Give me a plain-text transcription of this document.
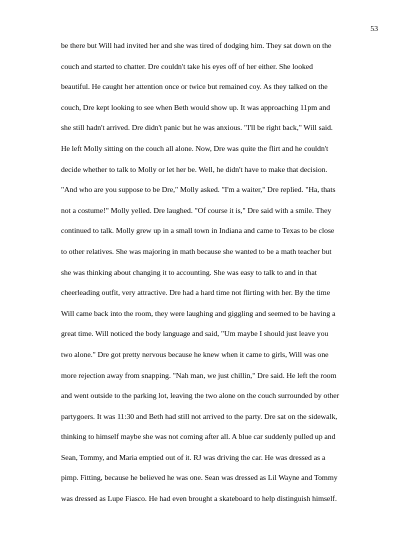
53
be there but Will had invited her and she was tired of dodging him. They sat down on the
couch and started to chatter. Dre couldn't take his eyes off of her either. She looked
beautiful. He caught her attention once or twice but remained coy. As they talked on the
couch, Dre kept looking to see when Beth would show up. It was approaching 11pm and
she still hadn't arrived. Dre didn't panic but he was anxious. "I'll be right back," Will said.
He left Molly sitting on the couch all alone. Now, Dre was quite the flirt and he couldn't
decide whether to talk to Molly or let her be. Well, he didn't have to make that decision.
"And who are you suppose to be Dre," Molly asked. "I'm a waiter," Dre replied. "Ha, thats
not a costume!" Molly yelled. Dre laughed. "Of course it is," Dre said with a smile. They
continued to talk. Molly grew up in a small town in Indiana and came to Texas to be close
to other relatives. She was majoring in math because she wanted to be a math teacher but
she was thinking about changing it to accounting. She was easy to talk to and in that
cheerleading outfit, very attractive. Dre had a hard time not flirting with her. By the time
Will came back into the room, they were laughing and giggling and seemed to be having a
great time. Will noticed the body language and said, "Um maybe I should just leave you
two alone." Dre got pretty nervous because he knew when it came to girls, Will was one
more rejection away from snapping. "Nah man, we just chillin," Dre said. He left the room
and went outside to the parking lot, leaving the two alone on the couch surrounded by other
partygoers. It was 11:30 and Beth had still not arrived to the party. Dre sat on the sidewalk,
thinking to himself maybe she was not coming after all. A blue car suddenly pulled up and
Sean, Tommy, and Maria emptied out of it. RJ was driving the car. He was dressed as a
pimp. Fitting, because he believed he was one. Sean was dressed as Lil Wayne and Tommy
was dressed as Lupe Fiasco. He had even brought a skateboard to help distinguish himself.
